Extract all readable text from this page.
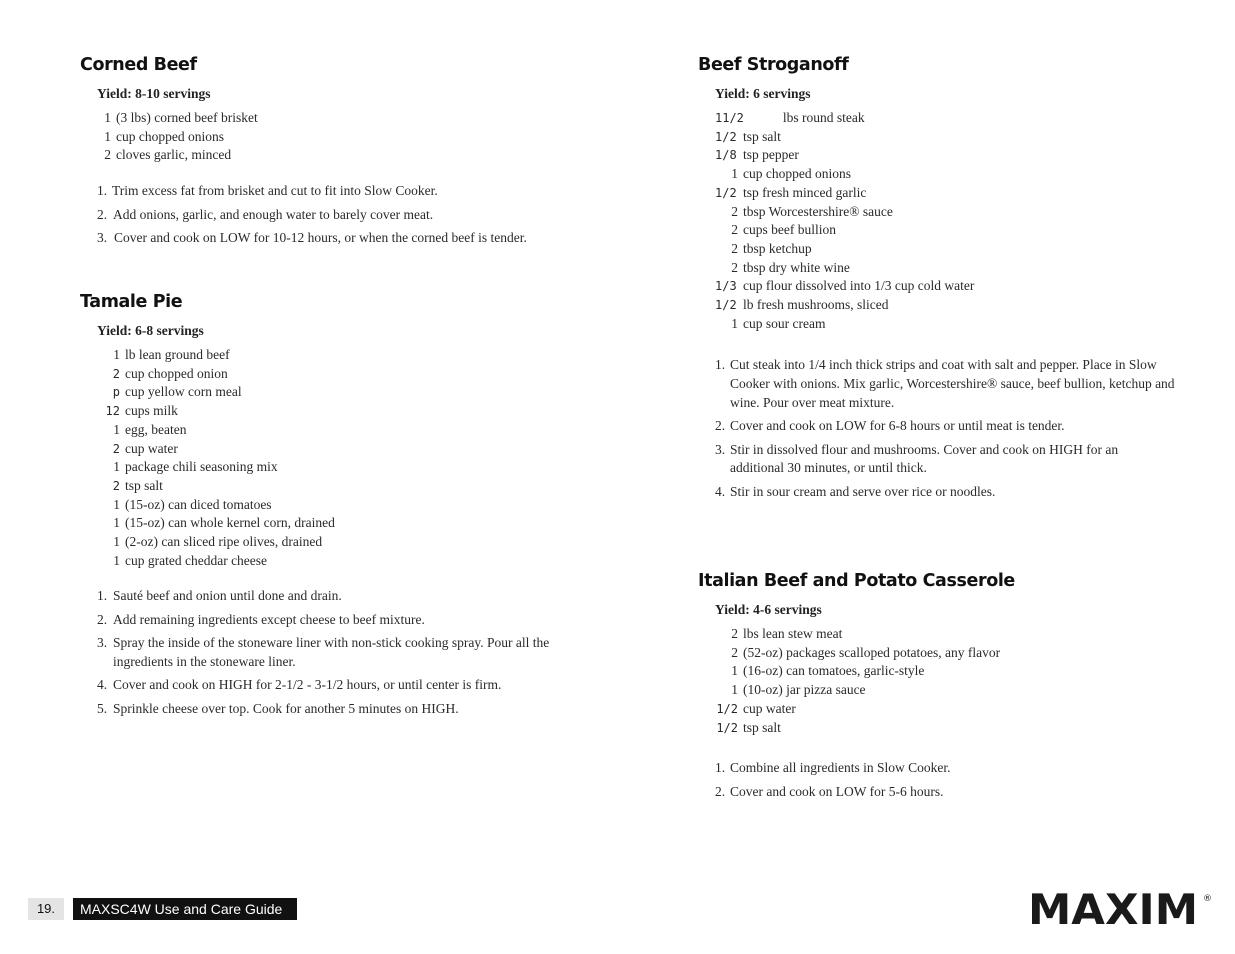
Corned Beef
Yield: 8-10 servings
1 (3 lbs) corned beef brisket
1 cup chopped onions
2 cloves garlic, minced
1. Trim excess fat from brisket and cut to fit into Slow Cooker.
2. Add onions, garlic, and enough water to barely cover meat.
3. Cover and cook on LOW for 10-12 hours, or when the corned beef is tender.
Tamale Pie
Yield: 6-8 servings
1 lb lean ground beef
2 cup chopped onion
p cup yellow corn meal
12 cups milk
1 egg, beaten
2 cup water
1 package chili seasoning mix
2 tsp salt
1 (15-oz) can diced tomatoes
1 (15-oz) can whole kernel corn, drained
1 (2-oz) can sliced ripe olives, drained
1 cup grated cheddar cheese
1. Sauté beef and onion until done and drain.
2. Add remaining ingredients except cheese to beef mixture.
3. Spray the inside of the stoneware liner with non-stick cooking spray. Pour all the ingredients in the stoneware liner.
4. Cover and cook on HIGH for 2-1/2 - 3-1/2 hours, or until center is firm.
5. Sprinkle cheese over top. Cook for another 5 minutes on HIGH.
Beef Stroganoff
Yield: 6 servings
11/2	lbs round steak
1/2 tsp salt
1/8 tsp pepper
1 cup chopped onions
1/2 tsp fresh minced garlic
2 tbsp Worcestershire® sauce
2 cups beef bullion
2 tbsp ketchup
2 tbsp dry white wine
1/3 cup flour dissolved into 1/3 cup cold water
1/2 lb fresh mushrooms, sliced
1 cup sour cream
1. Cut steak into 1/4 inch thick strips and coat with salt and pepper. Place in Slow Cooker with onions. Mix garlic, Worcestershire® sauce, beef bullion, ketchup and wine. Pour over meat mixture.
2. Cover and cook on LOW for 6-8 hours or until meat is tender.
3. Stir in dissolved flour and mushrooms. Cover and cook on HIGH for an additional 30 minutes, or until thick.
4. Stir in sour cream and serve over rice or noodles.
Italian Beef and Potato Casserole
Yield: 4-6 servings
2 lbs lean stew meat
2 (52-oz) packages scalloped potatoes, any flavor
1 (16-oz) can tomatoes, garlic-style
1 (10-oz) jar pizza sauce
1/2 cup water
1/2 tsp salt
1. Combine all ingredients in Slow Cooker.
2. Cover and cook on LOW for 5-6 hours.
19.	MAXSC4W Use and Care Guide	MAXIM ®
